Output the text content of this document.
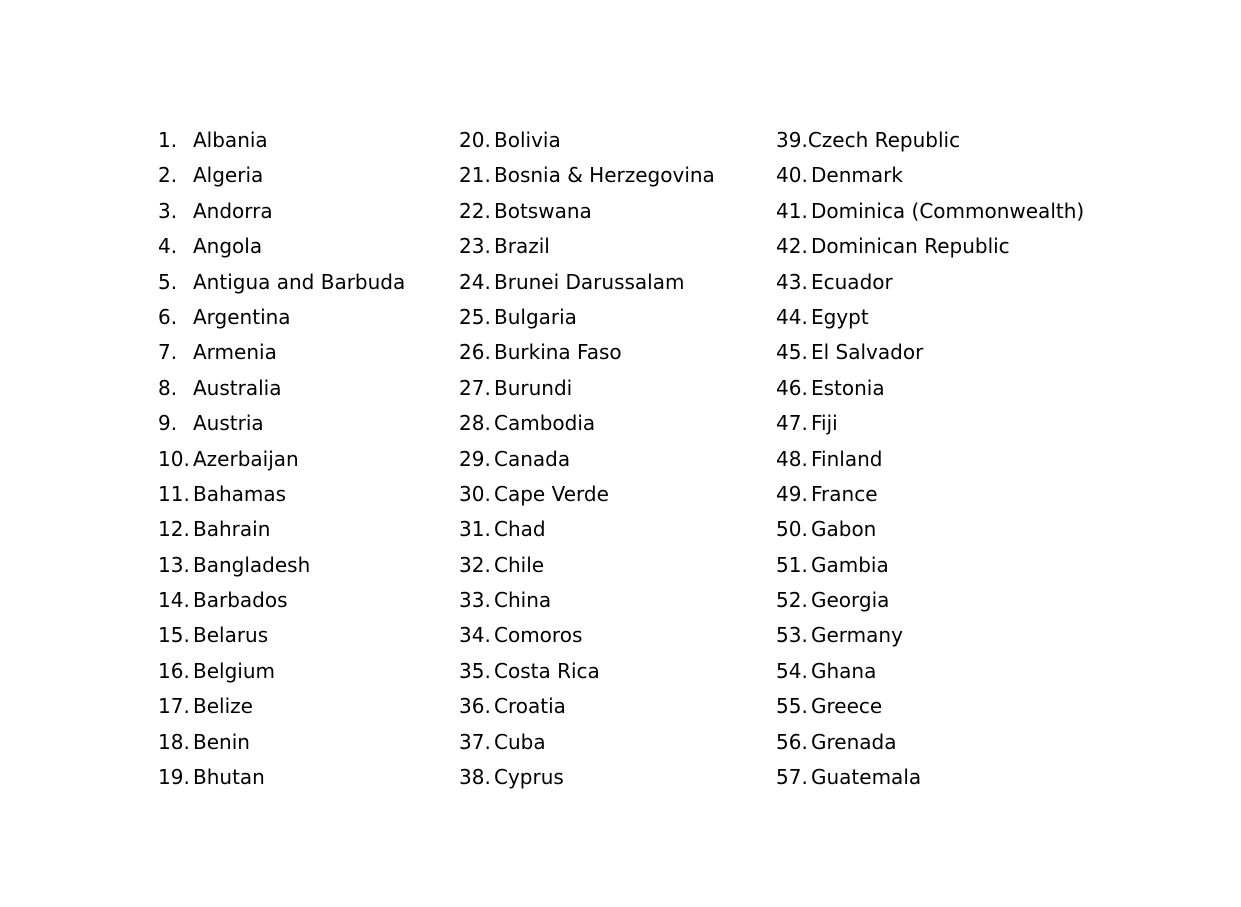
1. Albania
2. Algeria
3. Andorra
4. Angola
5. Antigua and Barbuda
6. Argentina
7. Armenia
8. Australia
9. Austria
10. Azerbaijan
11. Bahamas
12. Bahrain
13. Bangladesh
14. Barbados
15. Belarus
16. Belgium
17. Belize
18. Benin
19. Bhutan
20. Bolivia
21. Bosnia & Herzegovina
22. Botswana
23. Brazil
24. Brunei Darussalam
25. Bulgaria
26. Burkina Faso
27. Burundi
28. Cambodia
29. Canada
30. Cape Verde
31. Chad
32. Chile
33. China
34. Comoros
35. Costa Rica
36. Croatia
37. Cuba
38. Cyprus
39. Czech Republic
40. Denmark
41. Dominica (Commonwealth)
42. Dominican Republic
43. Ecuador
44. Egypt
45. El Salvador
46. Estonia
47. Fiji
48. Finland
49. France
50. Gabon
51. Gambia
52. Georgia
53. Germany
54. Ghana
55. Greece
56. Grenada
57. Guatemala
